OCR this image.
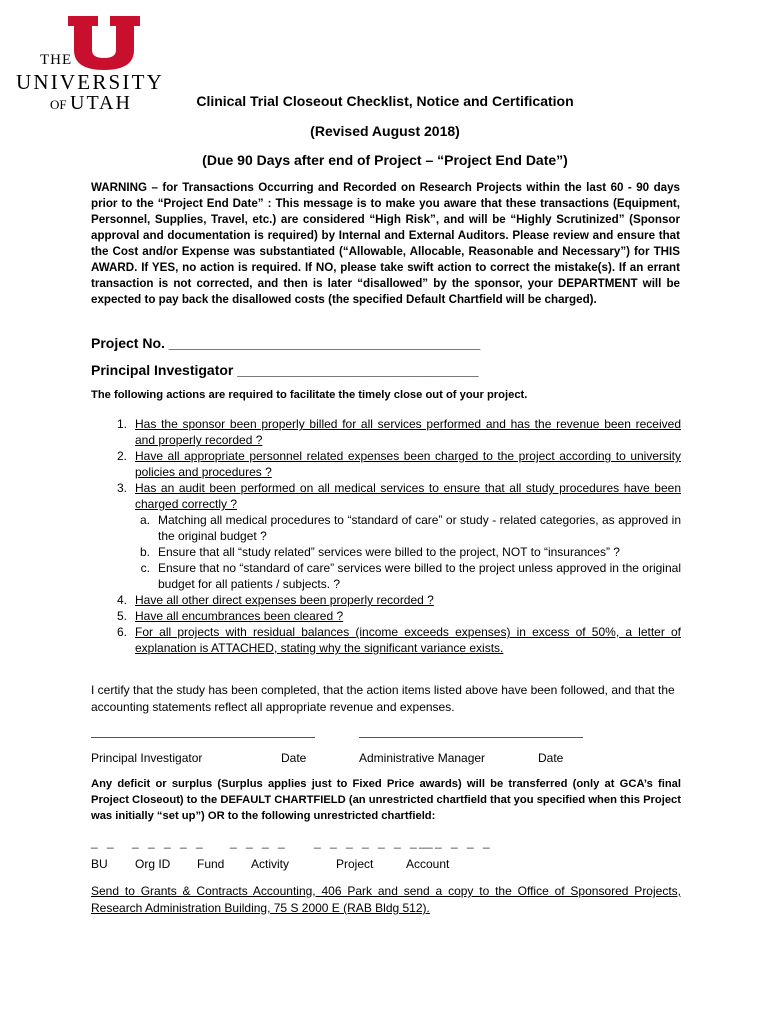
THE
UNIVERSITY
OF UTAH	Clinical Trial Closeout Checklist, Notice and Certification
(Revised August 2018)
(Due 90 Days after end of Project – “Project End Date”)
WARNING – for Transactions Occurring and Recorded on Research Projects within the last 60 - 90 days prior to the “Project End Date” : This message is to make you aware that these transactions (Equipment, Personnel, Supplies, Travel, etc.) are considered “High Risk”, and will be “Highly Scrutinized” (Sponsor approval and documentation is required) by Internal and External Auditors. Please review and ensure that the Cost and/or Expense was substantiated (“Allowable, Allocable, Reasonable and Necessary”) for THIS AWARD. If YES, no action is required. If NO, please take swift action to correct the mistake(s). If an errant transaction is not corrected, and then is later “disallowed” by the sponsor, your DEPARTMENT will be expected to pay back the disallowed costs (the specified Default Chartfield will be charged).
Project No. ________________________________________
Principal Investigator _______________________________
The following actions are required to facilitate the timely close out of your project.
1. Has the sponsor been properly billed for all services performed and has the revenue been received and properly recorded ?
2. Have all appropriate personnel related expenses been charged to the project according to university policies and procedures ?
3. Has an audit been performed on all medical services to ensure that all study procedures have been charged correctly ?
a. Matching all medical procedures to “standard of care” or study - related categories, as approved in the original budget ?
b. Ensure that all “study related” services were billed to the project, NOT to “insurances” ?
c. Ensure that no “standard of care” services were billed to the project unless approved in the original budget for all patients / subjects. ?
4. Have all other direct expenses been properly recorded ?
5. Have all encumbrances been cleared ?
6. For all projects with residual balances (income exceeds expenses) in excess of 50%, a letter of explanation is ATTACHED, stating why the significant variance exists.
I certify that the study has been completed, that the action items listed above have been followed, and that the accounting statements reflect all appropriate revenue and expenses.
Principal Investigator	Date	Administrative Manager	Date
Any deficit or surplus (Surplus applies just to Fixed Price awards) will be transferred (only at GCA’s final Project Closeout) to the DEFAULT CHARTFIELD (an unrestricted chartfield that you specified when this Project was initially “set up”) OR to the following unrestricted chartfield:
_ _ _ _ _ _ _ _ _ _ _ _ _ _ _ _ _ _ _
_ _ _ _ _
BU Org ID Fund Activity	Project	Account
Send to Grants & Contracts Accounting, 406 Park and send a copy to the Office of Sponsored Projects, Research Administration Building, 75 S 2000 E (RAB Bldg 512).
